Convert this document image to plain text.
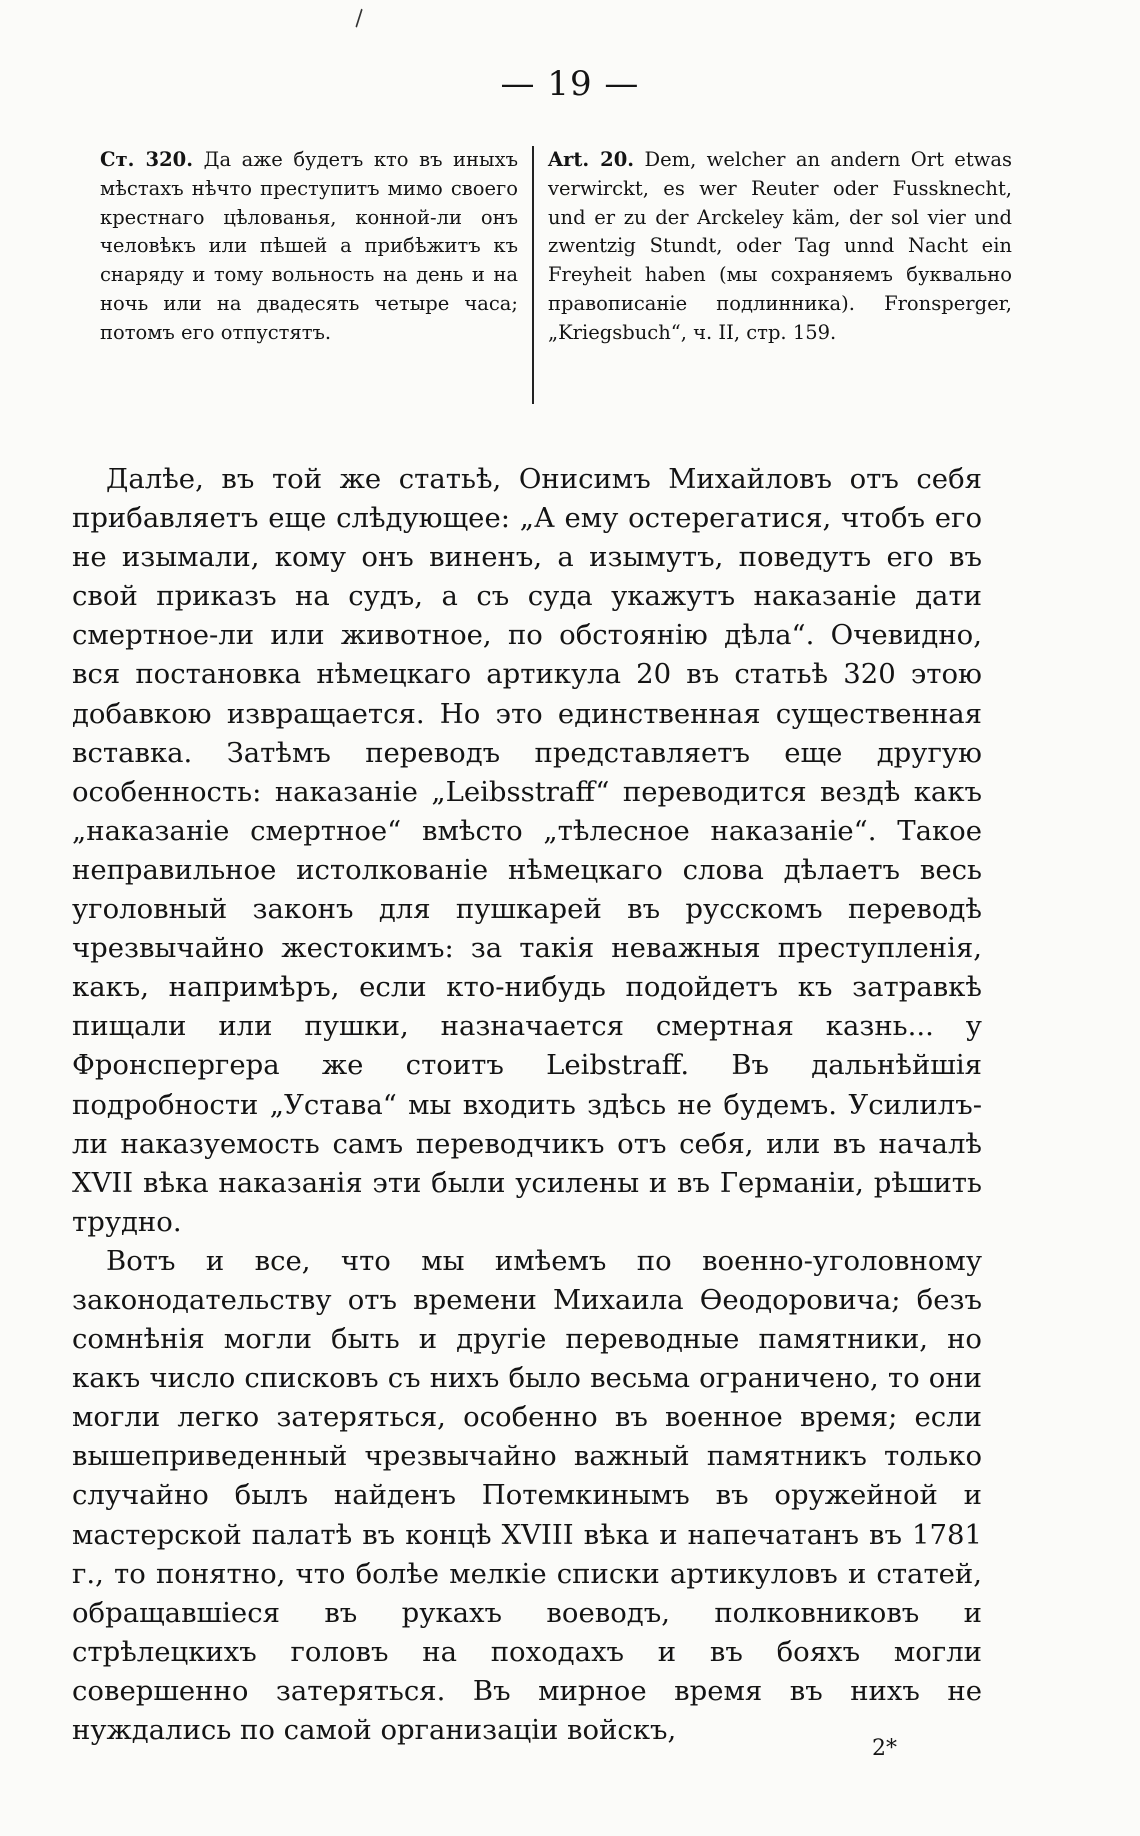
\
— 19 —
Ст. 320. Да аже будетъ кто въ иныхъ мѣстахъ нѣчто преступитъ мимо своего крестнаго цѣлованья, конной-ли онъ человѣкъ или пѣшей а прибѣжитъ къ снаряду и тому вольность на день и на ночь или на двадесять четыре часа; потомъ его отпустятъ.
Art. 20. Dem, welcher an andern Ort etwas verwirckt, es wer Reuter oder Fussknecht, und er zu der Arckeley käm, der sol vier und zwentzig Stundt, oder Tag unnd Nacht ein Freyheit haben (мы сохраняемъ буквально правописаніе подлинника). Fronsperger, „Kriegsbuch“, ч. II, стр. 159.

Далѣе, въ той же статьѣ, Онисимъ Михайловъ отъ себя прибавляетъ еще слѣдующее: „А ему остерегатися, чтобъ его не изымали, кому онъ виненъ, а изымутъ, поведутъ его въ свой приказъ на судъ, а съ суда укажутъ наказаніе дати смертное-ли или животное, по обстоянію дѣла“. Очевидно, вся постановка нѣмецкаго артикула 20 въ статьѣ 320 этою добавкою извращается. Но это единственная существенная вставка. Затѣмъ переводъ представляетъ еще другую особенность: наказаніе „Leibsstraff“ переводится вездѣ какъ „наказаніе смертное“ вмѣсто „тѣлесное наказаніе“. Такое неправильное истолкованіе нѣмецкаго слова дѣлаетъ весь уголовный законъ для пушкарей въ русскомъ переводѣ чрезвычайно жестокимъ: за такія неважныя преступленія, какъ, напримѣръ, если кто-нибудь подойдетъ къ затравкѣ пищали или пушки, назначается смертная казнь... у Фронспергера же стоитъ Leibstraff. Въ дальнѣйшія подробности „Устава“ мы входить здѣсь не будемъ. Усилилъ-ли наказуемость самъ переводчикъ отъ себя, или въ началѣ XVII вѣка наказанія эти были усилены и въ Германіи, рѣшить трудно.

Вотъ и все, что мы имѣемъ по военно-уголовному законодательству отъ времени Михаила Ѳеодоровича; безъ сомнѣнія могли быть и другіе переводные памятники, но какъ число списковъ съ нихъ было весьма ограничено, то они могли легко затеряться, особенно въ военное время; если вышеприведенный чрезвычайно важный памятникъ только случайно былъ найденъ Потемкинымъ въ оружейной и мастерской палатѣ въ концѣ XVIII вѣка и напечатанъ въ 1781 г., то понятно, что болѣе мелкіе списки артикуловъ и статей, обращавшіеся въ рукахъ воеводъ, полковниковъ и стрѣлецкихъ головъ на походахъ и въ бояхъ могли совершенно затеряться. Въ мирное время въ нихъ не нуждались по самой организаціи войскъ,

2*
